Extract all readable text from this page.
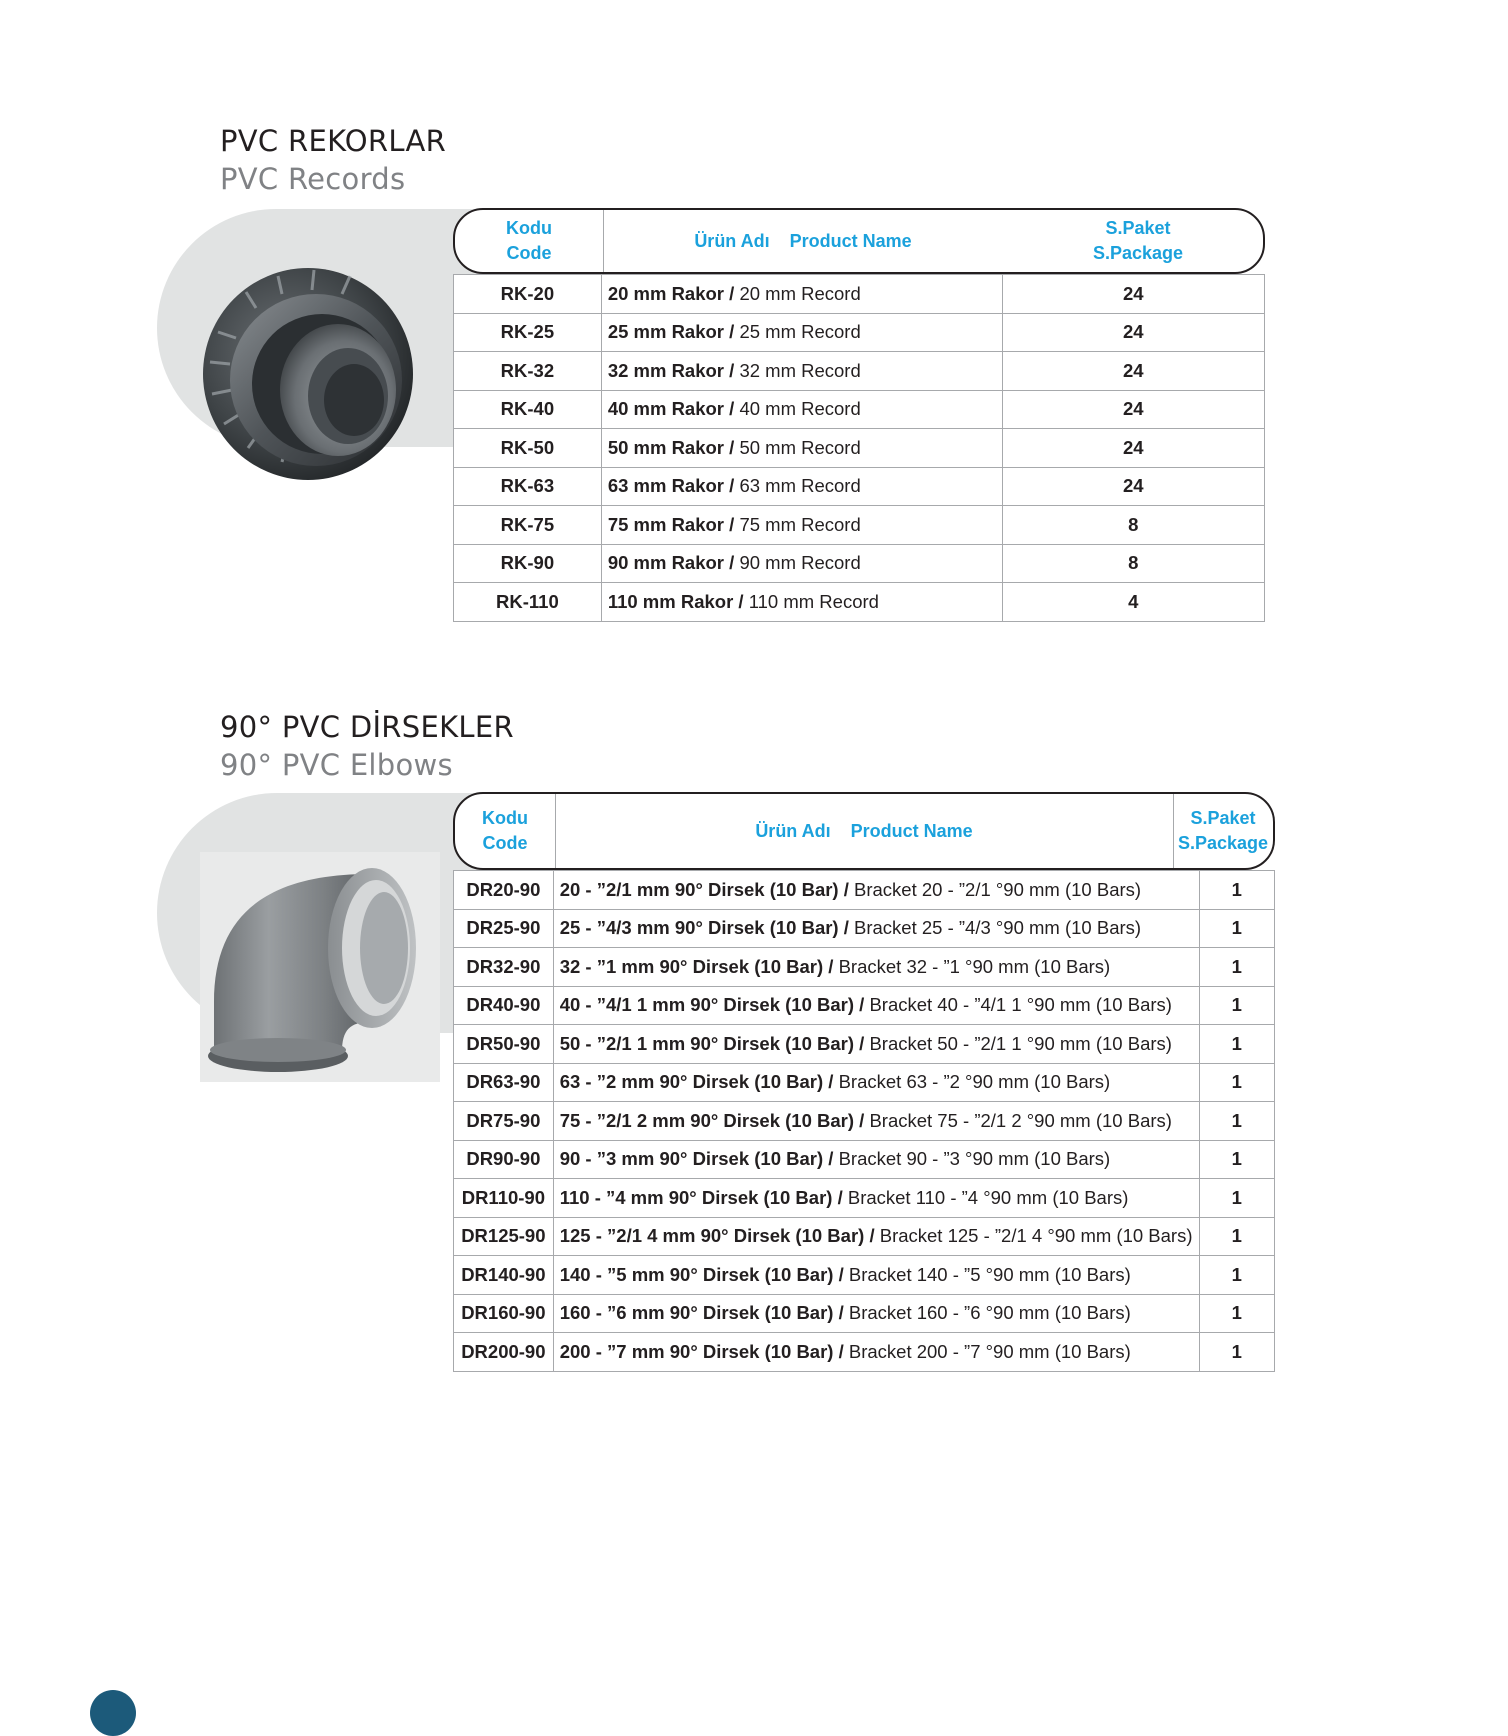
PVC REKORLAR
PVC Records
Kodu
Code
Ürün Adı Product Name
S.Paket
S.Package
RK-20	20 mm Rakor / 20 mm Record	24
RK-25	25 mm Rakor / 25 mm Record	24
RK-32	32 mm Rakor / 32 mm Record	24
RK-40	40 mm Rakor / 40 mm Record	24
RK-50	50 mm Rakor / 50 mm Record	24
RK-63	63 mm Rakor / 63 mm Record	24
RK-75	75 mm Rakor / 75 mm Record	8
RK-90	90 mm Rakor / 90 mm Record	8
RK-110	110 mm Rakor / 110 mm Record	4
90° PVC DİRSEKLER
90° PVC Elbows
Kodu
Code
Ürün Adı Product Name
S.Paket
S.Package
DR20-90	20 - ”2/1 mm 90° Dirsek (10 Bar) / Bracket 20 - ”2/1 °90 mm (10 Bars)	1
DR25-90	25 - ”4/3 mm 90° Dirsek (10 Bar) / Bracket 25 - ”4/3 °90 mm (10 Bars)	1
DR32-90	32 - ”1 mm 90° Dirsek (10 Bar) / Bracket 32 - ”1 °90 mm (10 Bars)	1
DR40-90	40 - ”4/1 1 mm 90° Dirsek (10 Bar) / Bracket 40 - ”4/1 1 °90 mm (10 Bars)	1
DR50-90	50 - ”2/1 1 mm 90° Dirsek (10 Bar) / Bracket 50 - ”2/1 1 °90 mm (10 Bars)	1
DR63-90	63 - ”2 mm 90° Dirsek (10 Bar) / Bracket 63 - ”2 °90 mm (10 Bars)	1
DR75-90	75 - ”2/1 2 mm 90° Dirsek (10 Bar) / Bracket 75 - ”2/1 2 °90 mm (10 Bars)	1
DR90-90	90 - ”3 mm 90° Dirsek (10 Bar) / Bracket 90 - ”3 °90 mm (10 Bars)	1
DR110-90	110 - ”4 mm 90° Dirsek (10 Bar) / Bracket 110 - ”4 °90 mm (10 Bars)	1
DR125-90	125 - ”2/1 4 mm 90° Dirsek (10 Bar) / Bracket 125 - ”2/1 4 °90 mm (10 Bars)	1
DR140-90	140 - ”5 mm 90° Dirsek (10 Bar) / Bracket 140 - ”5 °90 mm (10 Bars)	1
DR160-90	160 - ”6 mm 90° Dirsek (10 Bar) / Bracket 160 - ”6 °90 mm (10 Bars)	1
DR200-90	200 - ”7 mm 90° Dirsek (10 Bar) / Bracket 200 - ”7 °90 mm (10 Bars)	1
